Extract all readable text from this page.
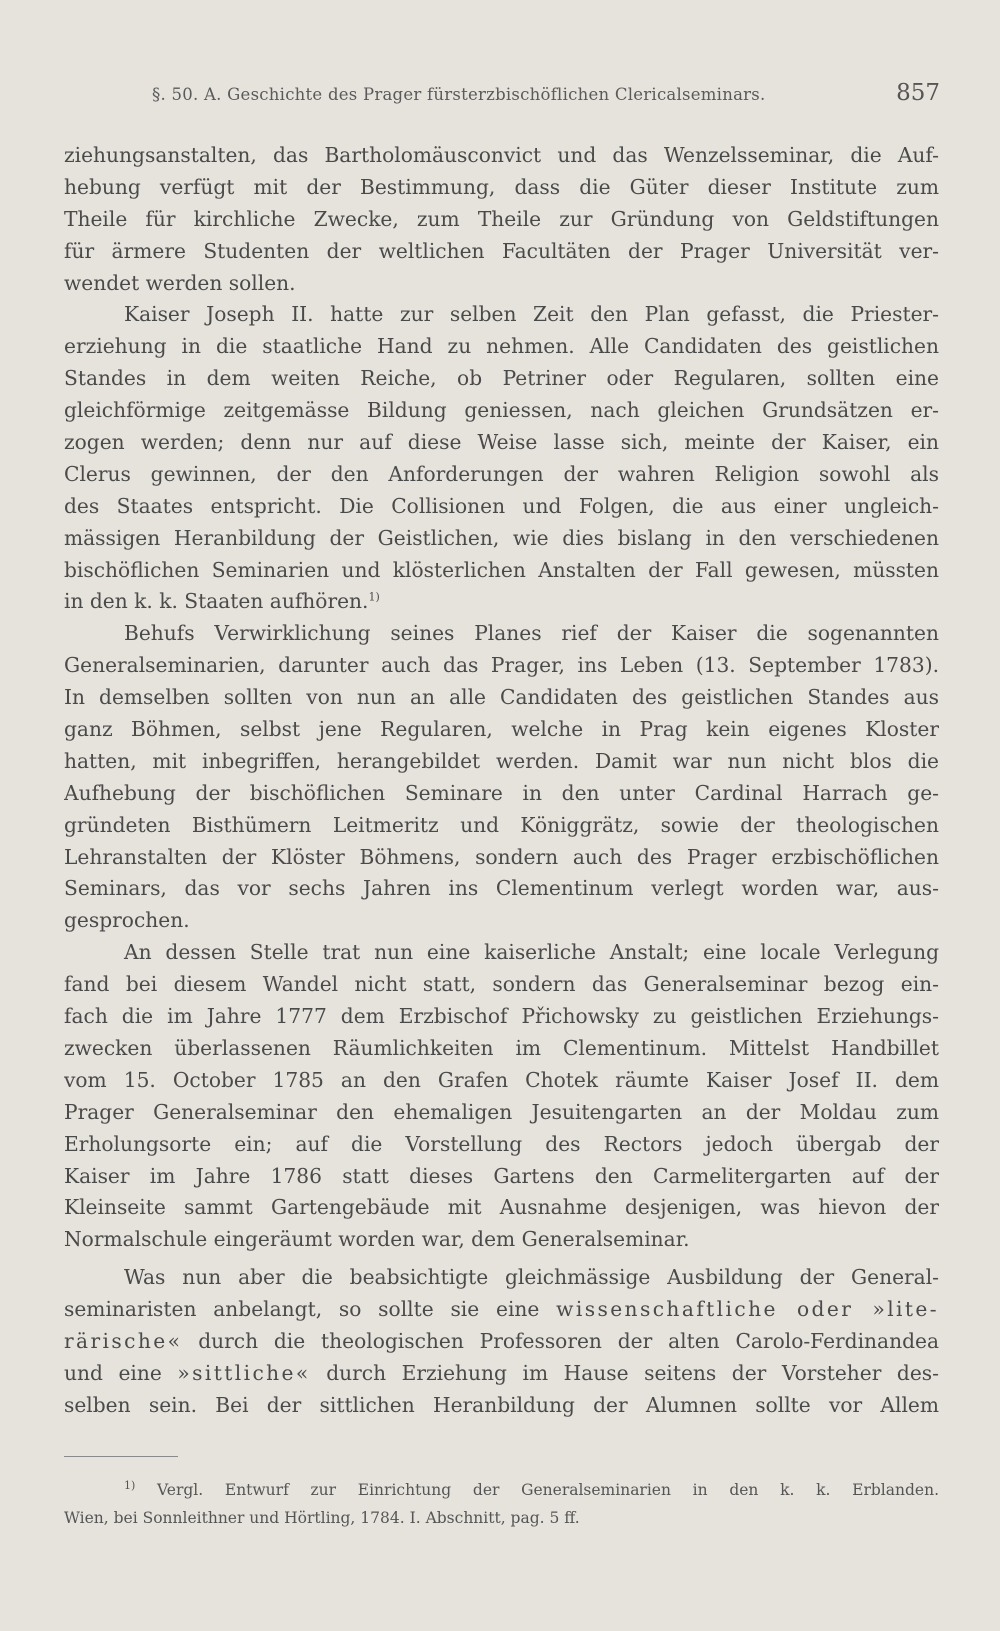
§. 50. A. Geschichte des Prager fürsterzbischöflichen Clericalseminars.	857
ziehungsanstalten, das Bartholomäusconvict und das Wenzelsseminar, die Auf-
hebung verfügt mit der Bestimmung, dass die Güter dieser Institute zum
Theile für kirchliche Zwecke, zum Theile zur Gründung von Geldstiftungen
für ärmere Studenten der weltlichen Facultäten der Prager Universität ver-
wendet werden sollen.
Kaiser Joseph II. hatte zur selben Zeit den Plan gefasst, die Priester-
erziehung in die staatliche Hand zu nehmen. Alle Candidaten des geistlichen
Standes in dem weiten Reiche, ob Petriner oder Regularen, sollten eine
gleichförmige zeitgemässe Bildung geniessen, nach gleichen Grundsätzen er-
zogen werden; denn nur auf diese Weise lasse sich, meinte der Kaiser, ein
Clerus gewinnen, der den Anforderungen der wahren Religion sowohl als
des Staates entspricht. Die Collisionen und Folgen, die aus einer ungleich-
mässigen Heranbildung der Geistlichen, wie dies bislang in den verschiedenen
bischöflichen Seminarien und klösterlichen Anstalten der Fall gewesen, müssten
in den k. k. Staaten aufhören.$^{1)}$
Behufs Verwirklichung seines Planes rief der Kaiser die sogenannten
Generalseminarien, darunter auch das Prager, ins Leben (13. September 1783).
In demselben sollten von nun an alle Candidaten des geistlichen Standes aus
ganz Böhmen, selbst jene Regularen, welche in Prag kein eigenes Kloster
hatten, mit inbegriffen, herangebildet werden. Damit war nun nicht blos die
Aufhebung der bischöflichen Seminare in den unter Cardinal Harrach ge-
gründeten Bisthümern Leitmeritz und Königgrätz, sowie der theologischen
Lehranstalten der Klöster Böhmens, sondern auch des Prager erzbischöflichen
Seminars, das vor sechs Jahren ins Clementinum verlegt worden war, aus-
gesprochen.
An dessen Stelle trat nun eine kaiserliche Anstalt; eine locale Verlegung
fand bei diesem Wandel nicht statt, sondern das Generalseminar bezog ein-
fach die im Jahre 1777 dem Erzbischof Přichowsky zu geistlichen Erziehungs-
zwecken überlassenen Räumlichkeiten im Clementinum. Mittelst Handbillet
vom 15. October 1785 an den Grafen Chotek räumte Kaiser Josef II. dem
Prager Generalseminar den ehemaligen Jesuitengarten an der Moldau zum
Erholungsorte ein; auf die Vorstellung des Rectors jedoch übergab der
Kaiser im Jahre 1786 statt dieses Gartens den Carmelitergarten auf der
Kleinseite sammt Gartengebäude mit Ausnahme desjenigen, was hievon der
Normalschule eingeräumt worden war, dem Generalseminar.
Was nun aber die beabsichtigte gleichmässige Ausbildung der General-
seminaristen anbelangt, so sollte sie eine wissenschaftliche oder »lite-
rärische« durch die theologischen Professoren der alten Carolo-Ferdinandea
und eine »sittliche« durch Erziehung im Hause seitens der Vorsteher des-
selben sein. Bei der sittlichen Heranbildung der Alumnen sollte vor Allem
$^{1)}$ Vergl. Entwurf zur Einrichtung der Generalseminarien in den k. k. Erblanden.
Wien, bei Sonnleithner und Hörtling, 1784. I. Abschnitt, pag. 5 ff.
